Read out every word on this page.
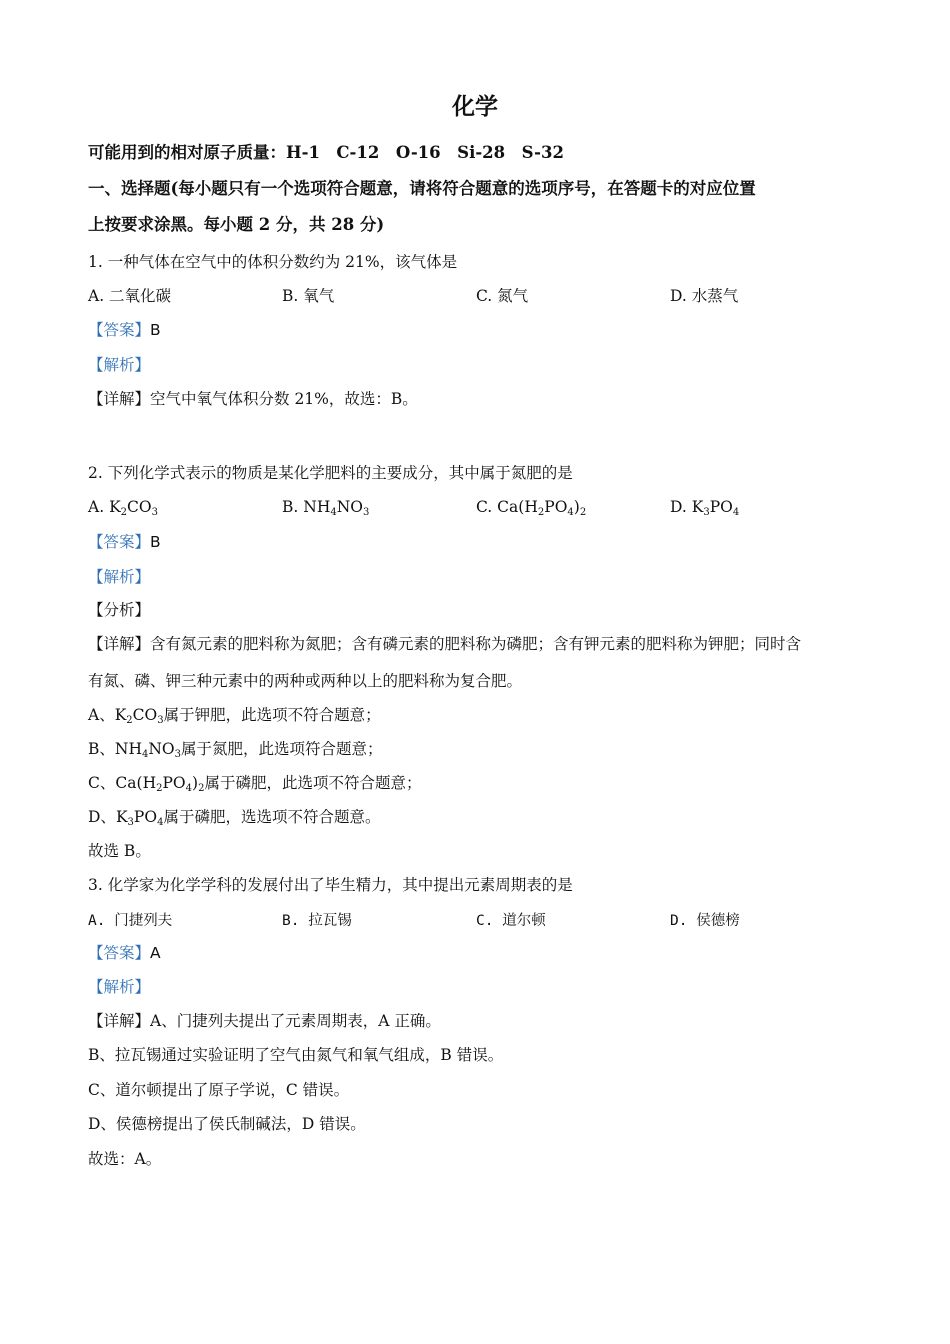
化学
可能用到的相对原子质量：H-1　C-12　O-16　Si-28　S-32
一、选择题(每小题只有一个选项符合题意，请将符合题意的选项序号，在答题卡的对应位置
上按要求涂黑。每小题 2 分，共 28 分)
1. 一种气体在空气中的体积分数约为 21%，该气体是
A. 二氧化碳	B. 氧气	C. 氮气	D. 水蒸气
【答案】B
【解析】
【详解】空气中氧气体积分数 21%，故选：B。
2. 下列化学式表示的物质是某化学肥料的主要成分，其中属于氮肥的是
A. $K_2CO_3$	B. $NH_4NO_3$	C. $Ca(H_2PO_4)_2$	D. $K_3PO_4$
【答案】B
【解析】
【分析】
【详解】含有氮元素的肥料称为氮肥；含有磷元素的肥料称为磷肥；含有钾元素的肥料称为钾肥；同时含
有氮、磷、钾三种元素中的两种或两种以上的肥料称为复合肥。
A、$K_2CO_3$属于钾肥，此选项不符合题意；
B、$NH_4NO_3$属于氮肥，此选项符合题意；
C、$Ca(H_2PO_4)_2$属于磷肥，此选项不符合题意；
D、$K_3PO_4$属于磷肥，选选项不符合题意。
故选 B。
3. 化学家为化学学科的发展付出了毕生精力，其中提出元素周期表的是
A. 门捷列夫	B. 拉瓦锡	C. 道尔顿	D. 侯德榜
【答案】A
【解析】
【详解】A、门捷列夫提出了元素周期表，A 正确。
B、拉瓦锡通过实验证明了空气由氮气和氧气组成，B 错误。
C、道尔顿提出了原子学说，C 错误。
D、侯德榜提出了侯氏制碱法，D 错误。
故选：A。
